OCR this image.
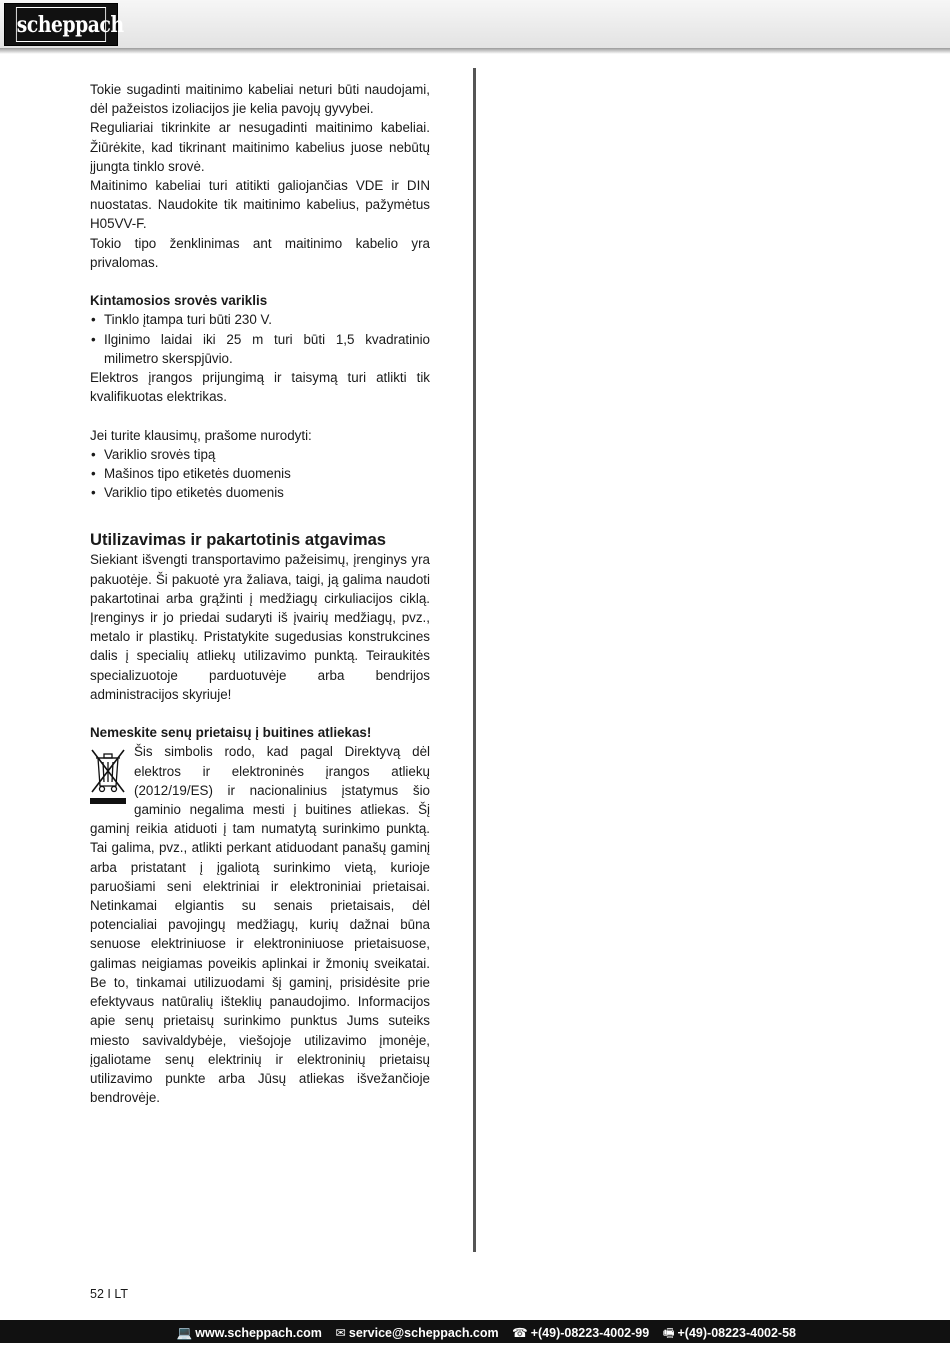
scheppach

Tokie sugadinti maitinimo kabeliai neturi būti naudojami, dėl pažeistos izoliacijos jie kelia pavojų gyvybei.

Reguliariai tikrinkite ar nesugadinti maitinimo kabeliai. Žiūrėkite, kad tikrinant maitinimo kabelius juose nebūtų įjungta tinklo srovė.

Maitinimo kabeliai turi atitikti galiojančias VDE ir DIN nuostatas. Naudokite tik maitinimo kabelius, pažymėtus H05VV-F.

Tokio tipo ženklinimas ant maitinimo kabelio yra privalomas.

Kintamosios srovės variklis

• Tinklo įtampa turi būti 230 V.
• Ilginimo laidai iki 25 m turi būti 1,5 kvadratinio milimetro skerspjūvio.

Elektros įrangos prijungimą ir taisymą turi atlikti tik kvalifikuotas elektrikas.

Jei turite klausimų, prašome nurodyti:

• Variklio srovės tipą
• Mašinos tipo etiketės duomenis
• Variklio tipo etiketės duomenis

Utilizavimas ir pakartotinis atgavimas

Siekiant išvengti transportavimo pažeisimų, įrenginys yra pakuotėje. Ši pakuotė yra žaliava, taigi, ją galima naudoti pakartotinai arba grąžinti į medžiagų cirkuliacijos ciklą. Įrenginys ir jo priedai sudaryti iš įvairių medžiagų, pvz., metalo ir plastikų. Pristatykite sugedusias konstrukcines dalis į specialių atliekų utilizavimo punktą. Teiraukitės specializuotoje parduotuvėje arba bendrijos administracijos skyriuje!

Nemeskite senų prietaisų į buitines atliekas!

Šis simbolis rodo, kad pagal Direktyvą dėl elektros ir elektroninės įrangos atliekų (2012/19/ES) ir nacionalinius įstatymus šio gaminio negalima mesti į buitines atliekas. Šį gaminį reikia atiduoti į tam numatytą surinkimo punktą. Tai galima, pvz., atlikti perkant atiduodant panašų gaminį arba pristatant į įgaliotą surinkimo vietą, kurioje paruošiami seni elektriniai ir elektroniniai prietaisai. Netinkamai elgiantis su senais prietaisais, dėl potencialiai pavojingų medžiagų, kurių dažnai būna senuose elektriniuose ir elektroniniuose prietaisuose, galimas neigiamas poveikis aplinkai ir žmonių sveikatai. Be to, tinkamai utilizuodami šį gaminį, prisidėsite prie efektyvaus natūralių išteklių panaudojimo. Informacijos apie senų prietaisų surinkimo punktus Jums suteiks miesto savivaldybėje, viešojoje utilizavimo įmonėje, įgaliotame senų elektrinių ir elektroninių prietaisų utilizavimo punkte arba Jūsų atliekas išvežančioje bendrovėje.

52 I LT
💻 www.scheppach.com ✉ service@scheppach.com ☎ +(49)-08223-4002-99 🖷 +(49)-08223-4002-58
